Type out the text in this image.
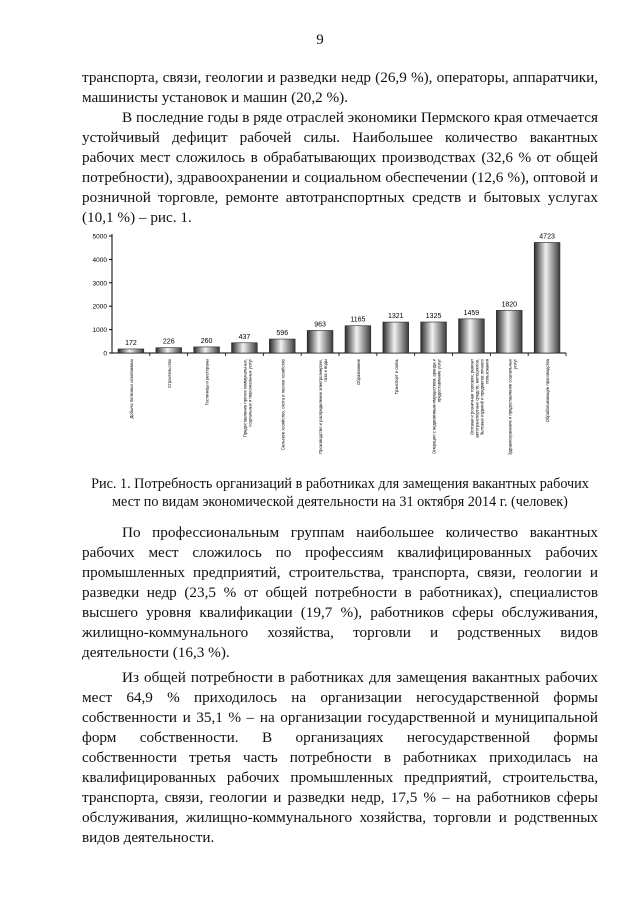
9

транспорта, связи, геологии и разведки недр (26,9 %), операторы, аппаратчики, машинисты установок и машин (20,2 %).

В последние годы в ряде отраслей экономики Пермского края отмечается устойчивый дефицит рабочей силы. Наибольшее количество вакантных рабочих мест сложилось в обрабатывающих производствах (32,6 % от общей потребности), здравоохранении и социальном обеспечении (12,6 %), оптовой и розничной торговле, ремонте автотранспортных средств и бытовых услугах (10,1 %) – рис. 1.

0
1000
2000
3000
4000
5000
172
Добыча полезных ископаемых
226
Строительство
260
Гостиницы и рестораны
437
Предоставление прочих коммунальных,социальных и персональных услуг
596
Сельское хозяйство, охота и лесное хозяйство
963
Производство и распределение электроэнергии,газа и воды
1165
Образование
1321
Транспорт и связь
1325
Операции с недвижимым имуществом, аренда ипредоставление услуг
1459
Оптовая и розничная торговля; ремонтавтотранспортных средств, мотоциклов,бытовых изделий и предметов личногопользования
1820
Здравоохранение и предоставление социальныхуслуг
4723
Обрабатывающие производства

Рис. 1. Потребность организаций в работниках для замещения вакантных рабочих мест по видам экономической деятельности на 31 октября 2014 г. (человек)

По профессиональным группам наибольшее количество вакантных рабочих мест сложилось по профессиям квалифицированных рабочих промышленных предприятий, строительства, транспорта, связи, геологии и разведки недр (23,5 % от общей потребности в работниках), специалистов высшего уровня квалификации (19,7 %), работников сферы обслуживания, жилищно-коммунального хозяйства, торговли и родственных видов деятельности (16,3 %).

Из общей потребности в работниках для замещения вакантных рабочих мест 64,9 % приходилось на организации негосударственной формы собственности и 35,1 % – на организации государственной и муниципальной форм собственности. В организациях негосударственной формы собственности третья часть потребности в работниках приходилась на квалифицированных рабочих промышленных предприятий, строительства, транспорта, связи, геологии и разведки недр, 17,5 % – на работников сферы обслуживания, жилищно-коммунального хозяйства, торговли и родственных видов деятельности.
